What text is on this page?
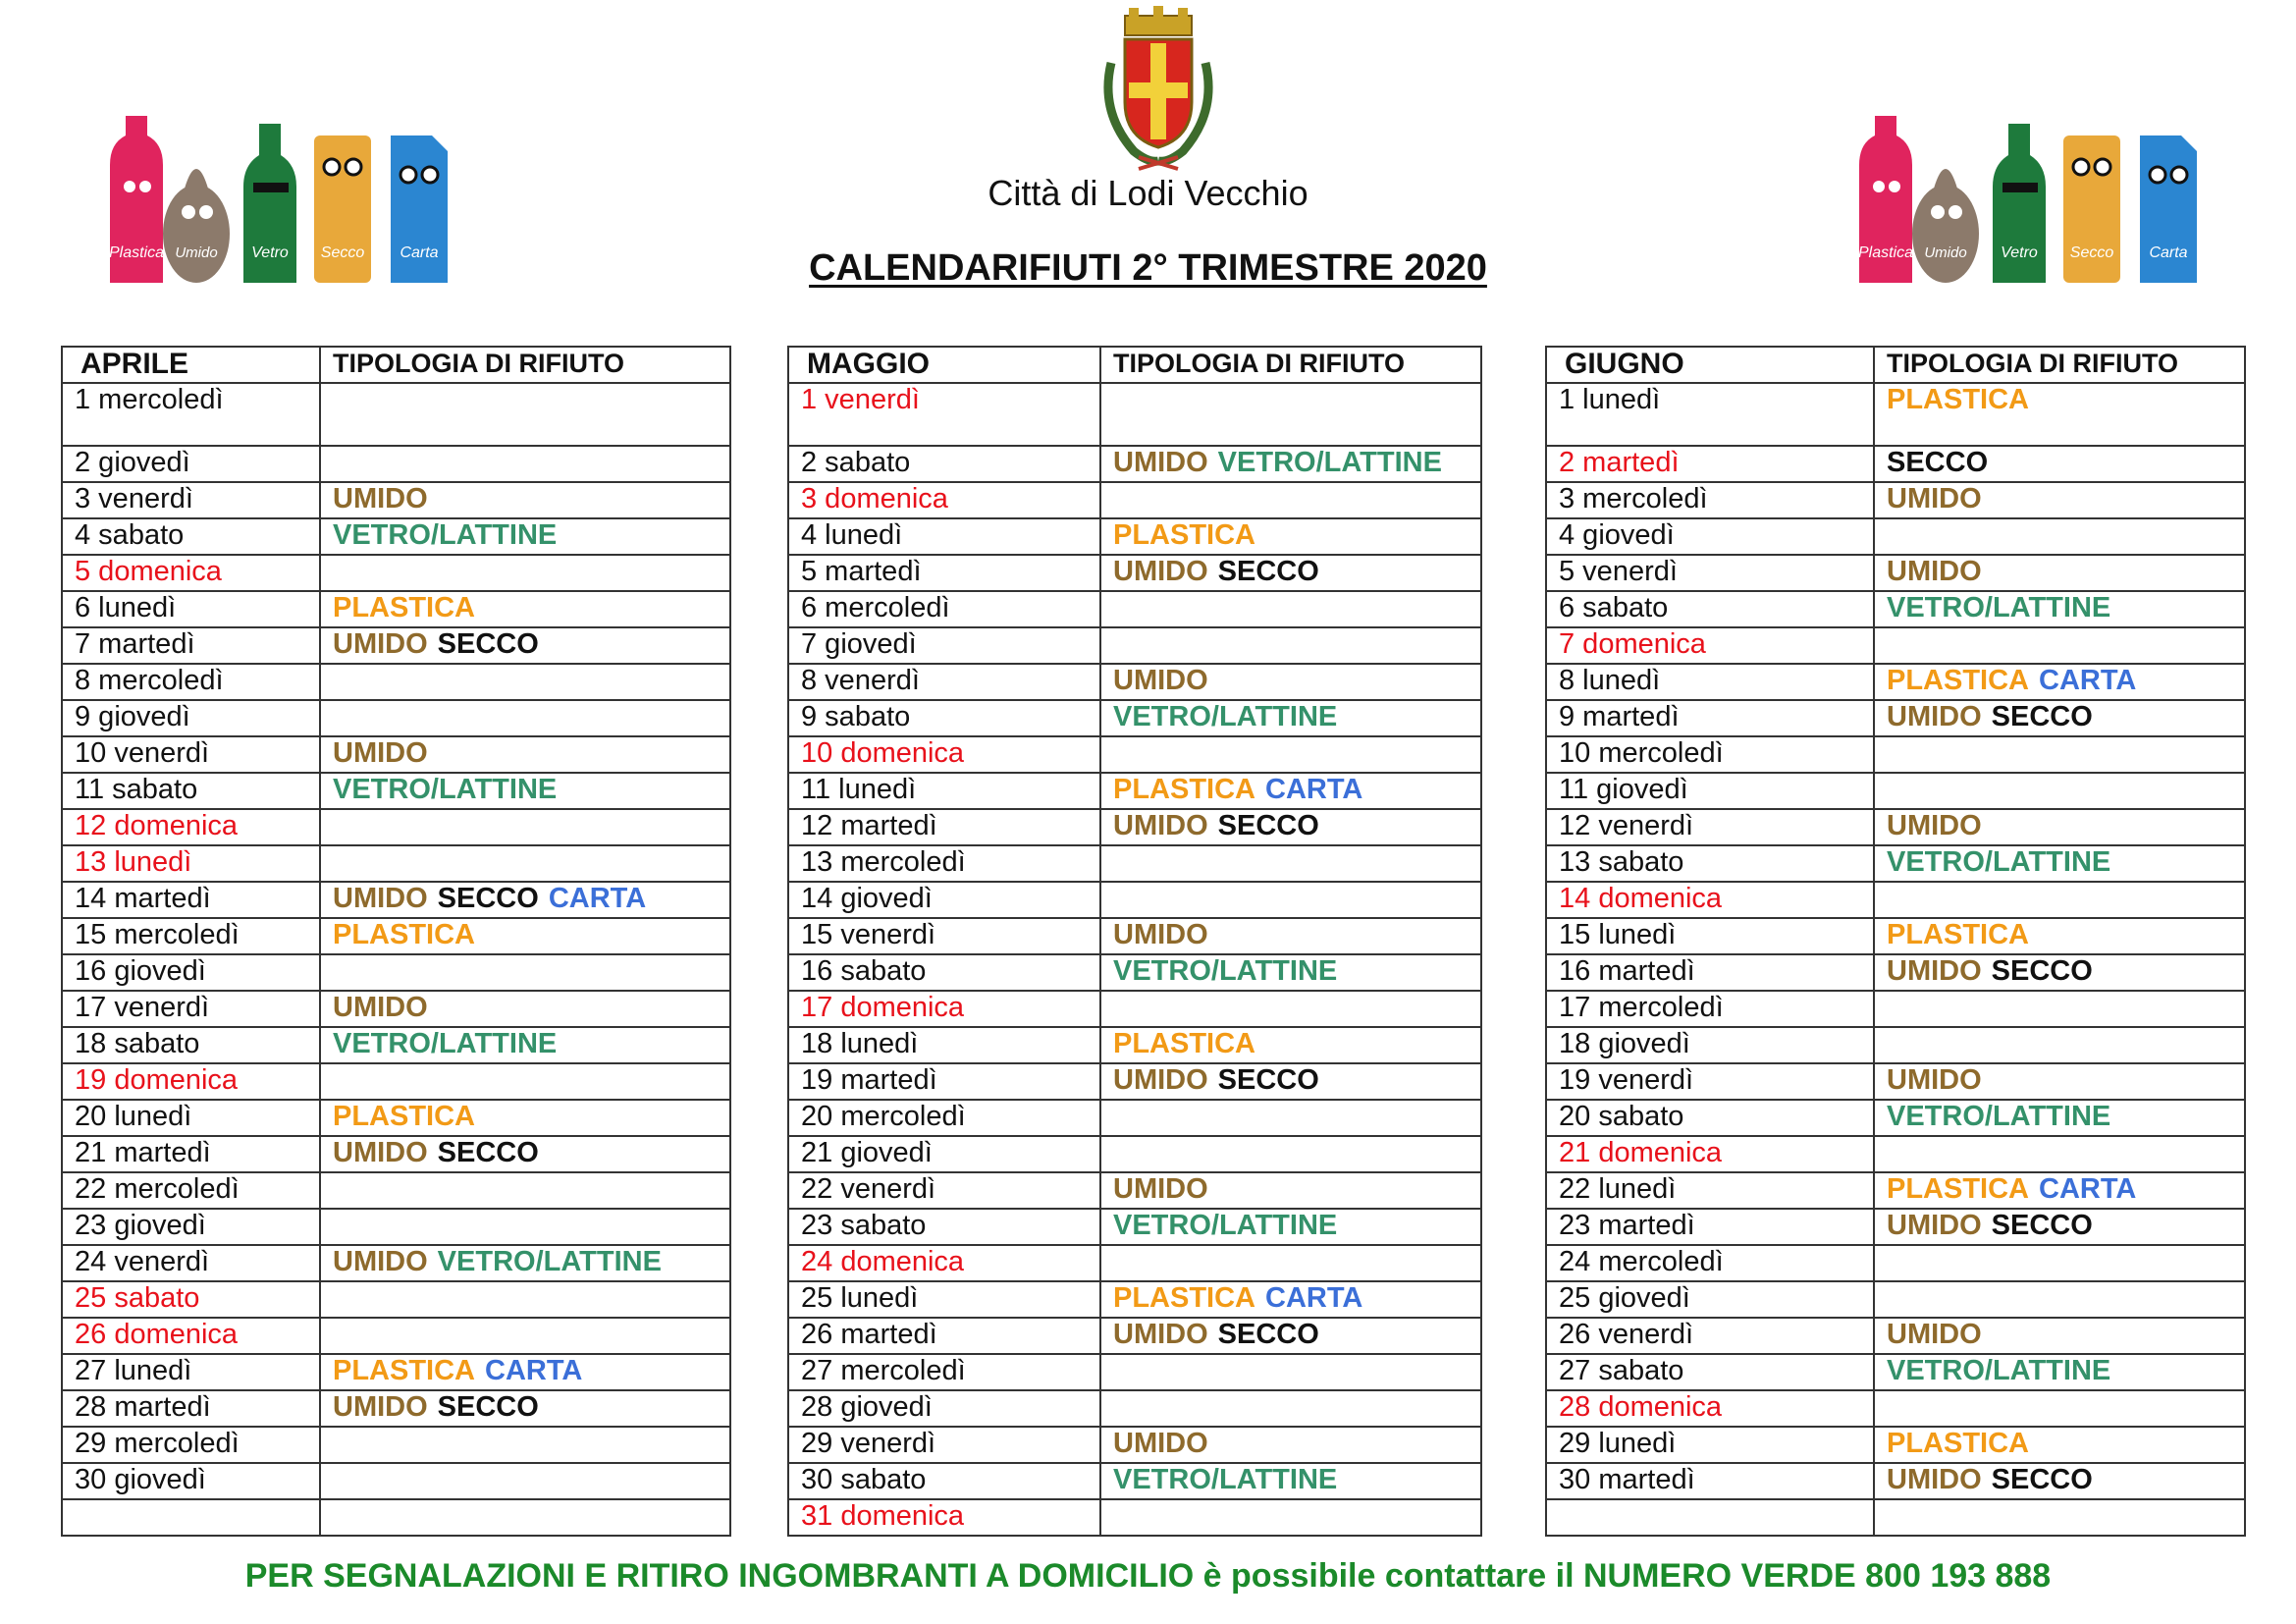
Plastica Umido Vetro Secco Carta	Plastica Umido Vetro Secco Carta
Città di Lodi Vecchio
CALENDARIFIUTI 2° TRIMESTRE 2020
APRILE	TIPOLOGIA DI RIFIUTO
1 mercoledì	
2 giovedì	
3 venerdì	UMIDO
4 sabato	VETRO/LATTINE
5 domenica	
6 lunedì	PLASTICA
7 martedì	UMIDO SECCO
8 mercoledì	
9 giovedì	
10 venerdì	UMIDO
11 sabato	VETRO/LATTINE
12 domenica	
13 lunedì	
14 martedì	UMIDO SECCO CARTA
15 mercoledì	PLASTICA
16 giovedì	
17 venerdì	UMIDO
18 sabato	VETRO/LATTINE
19 domenica	
20 lunedì	PLASTICA
21 martedì	UMIDO SECCO
22 mercoledì	
23 giovedì	
24 venerdì	UMIDO VETRO/LATTINE
25 sabato	
26 domenica	
27 lunedì	PLASTICA CARTA
28 martedì	UMIDO SECCO
29 mercoledì	
30 giovedì	

MAGGIO	TIPOLOGIA DI RIFIUTO
1 venerdì	
2 sabato	UMIDO VETRO/LATTINE
3 domenica	
4 lunedì	PLASTICA
5 martedì	UMIDO SECCO
6 mercoledì	
7 giovedì	
8 venerdì	UMIDO
9 sabato	VETRO/LATTINE
10 domenica	
11 lunedì	PLASTICA CARTA
12 martedì	UMIDO SECCO
13 mercoledì	
14 giovedì	
15 venerdì	UMIDO
16 sabato	VETRO/LATTINE
17 domenica	
18 lunedì	PLASTICA
19 martedì	UMIDO SECCO
20 mercoledì	
21 giovedì	
22 venerdì	UMIDO
23 sabato	VETRO/LATTINE
24 domenica	
25 lunedì	PLASTICA CARTA
26 martedì	UMIDO SECCO
27 mercoledì	
28 giovedì	
29 venerdì	UMIDO
30 sabato	VETRO/LATTINE
31 domenica	
GIUGNO	TIPOLOGIA DI RIFIUTO
1 lunedì	PLASTICA
2 martedì	SECCO
3 mercoledì	UMIDO
4 giovedì	
5 venerdì	UMIDO
6 sabato	VETRO/LATTINE
7 domenica	
8 lunedì	PLASTICA CARTA
9 martedì	UMIDO SECCO
10 mercoledì	
11 giovedì	
12 venerdì	UMIDO
13 sabato	VETRO/LATTINE
14 domenica	
15 lunedì	PLASTICA
16 martedì	UMIDO SECCO
17 mercoledì	
18 giovedì	
19 venerdì	UMIDO
20 sabato	VETRO/LATTINE
21 domenica	
22 lunedì	PLASTICA CARTA
23 martedì	UMIDO SECCO
24 mercoledì	
25 giovedì	
26 venerdì	UMIDO
27 sabato	VETRO/LATTINE
28 domenica	
29 lunedì	PLASTICA
30 martedì	UMIDO SECCO

PER SEGNALAZIONI E RITIRO INGOMBRANTI A DOMICILIO è possibile contattare il NUMERO VERDE 800 193 888
